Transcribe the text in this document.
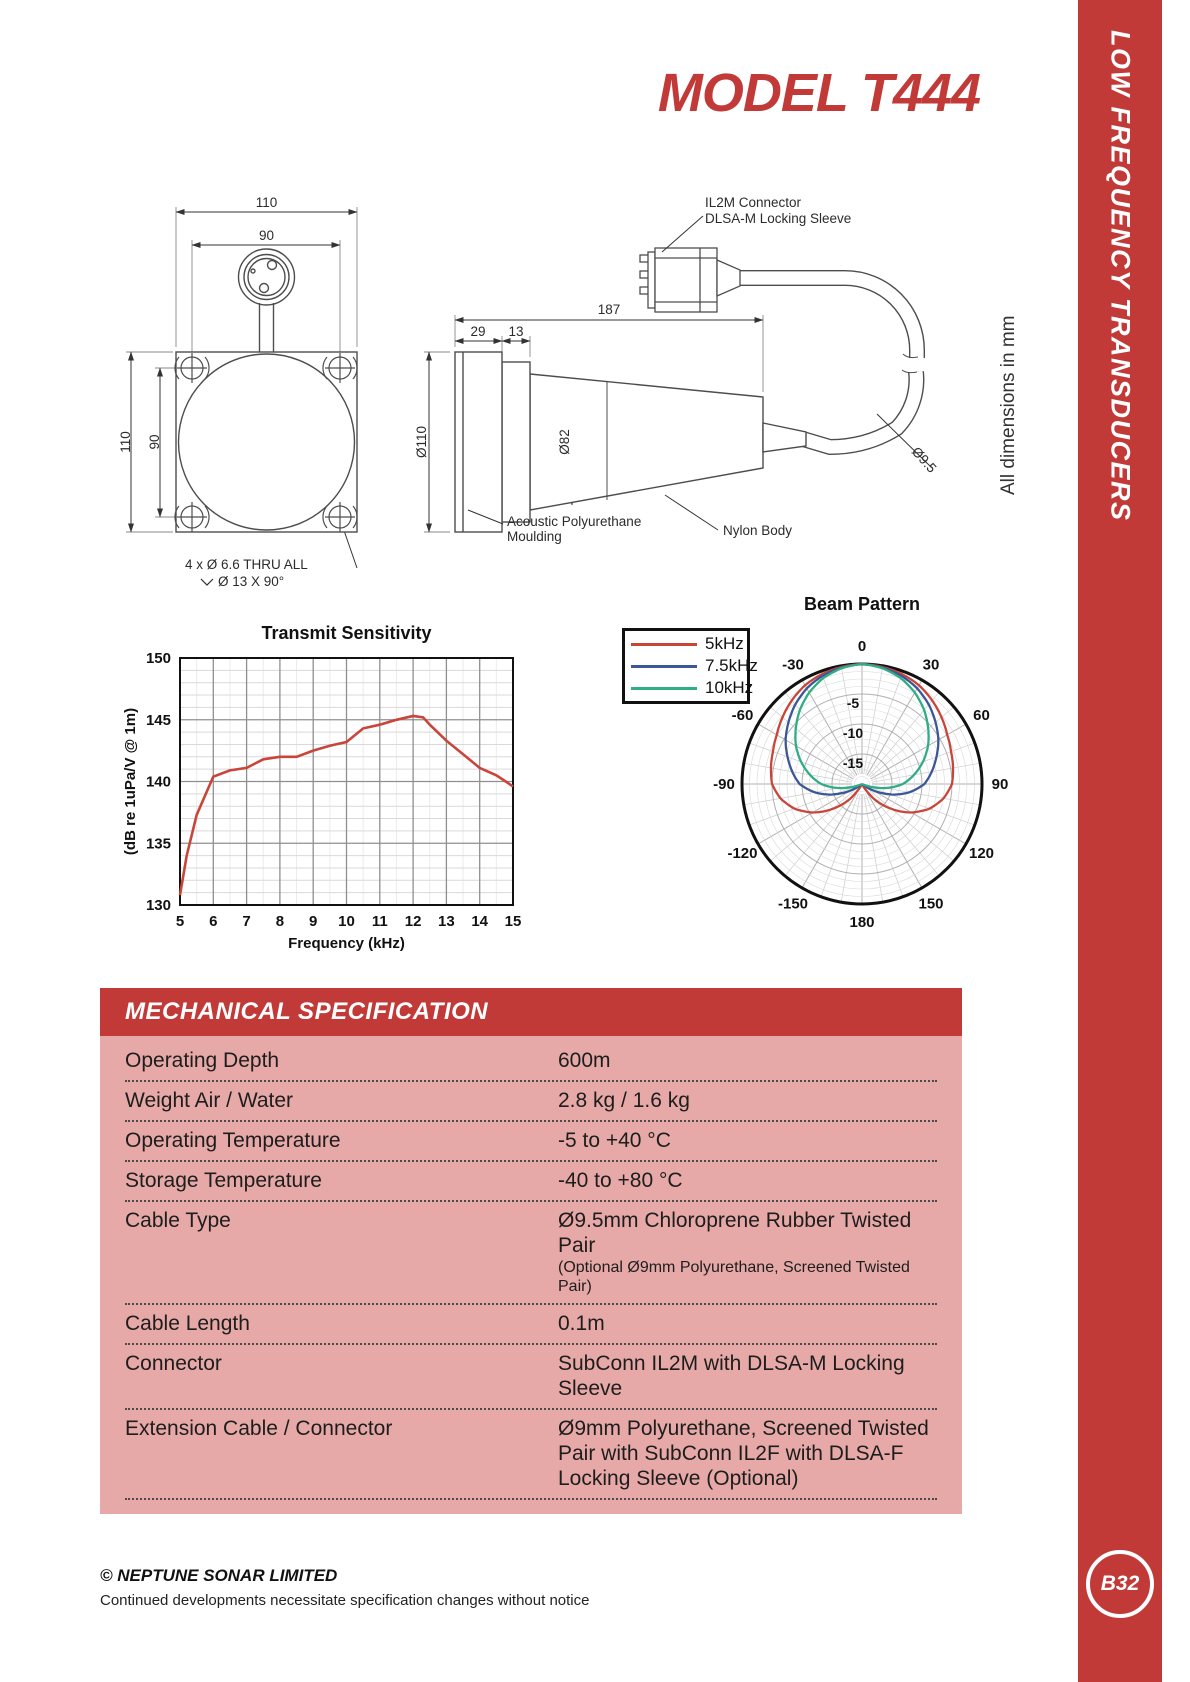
MODEL T444	LOW FREQUENCY TRANSDUCERS
All dimensions in mm
110
90
110 90
4 x Ø 6.6 THRU ALL
Ø 13 X 90°
187
29 13
Ø110	Ø82
Ø9.5
IL2M Connector
DLSA-M Locking Sleeve
Nylon Body
Acoustic Polyurethane
Moulding
130
135
140
145
150
5 6 7 8 9 10 11 12 13 14 15
Transmit Sensitivity
Frequency (kHz)
(dB re 1uPa/V @ 1m)
0
30
60
90
120
150
180
-150
-120
-90
-60
-30
-5
-10
-15
Beam Pattern
5kHz
7.5kHz
10kHz
MECHANICAL SPECIFICATION
Operating Depth	600m
Weight Air / Water	2.8 kg / 1.6 kg
Operating Temperature	-5 to +40 °C
Storage Temperature	-40 to +80 °C
Cable Type	Ø9.5mm Chloroprene Rubber Twisted Pair
(Optional Ø9mm Polyurethane, Screened Twisted Pair)
Cable Length	0.1m
Connector	SubConn IL2M with DLSA-M Locking Sleeve
Extension Cable / Connector	Ø9mm Polyurethane, Screened Twisted Pair with SubConn IL2F with DLSA-F Locking Sleeve (Optional)
© NEPTUNE SONAR LIMITED
Continued developments necessitate specification changes without notice
B32
